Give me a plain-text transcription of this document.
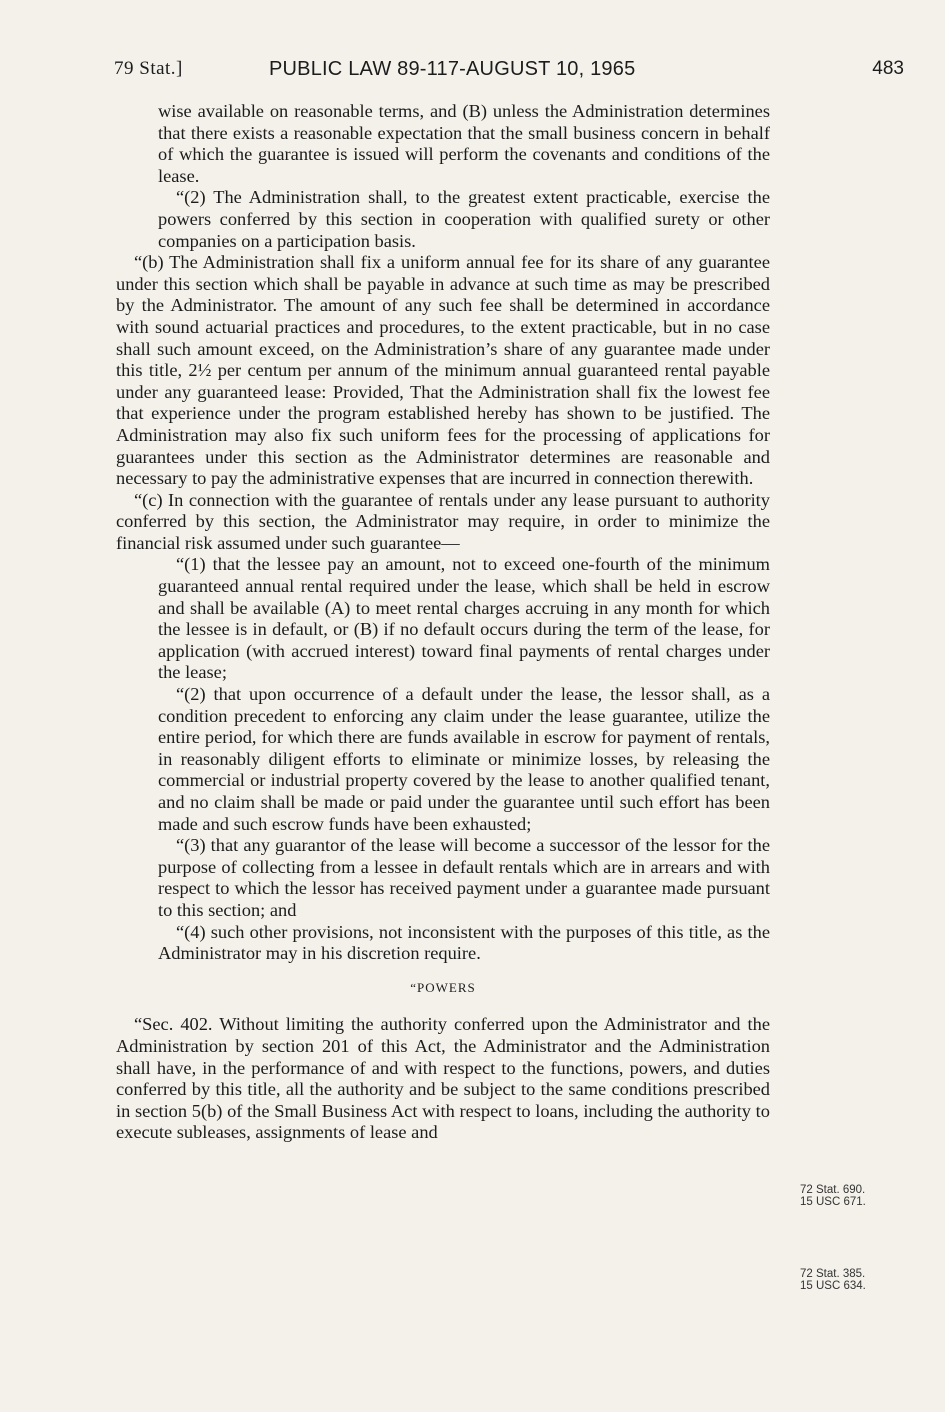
79 Stat.]	PUBLIC LAW 89-117-AUGUST 10, 1965	483

wise available on reasonable terms, and (B) unless the Administration determines that there exists a reasonable expectation that the small business concern in behalf of which the guarantee is issued will perform the covenants and conditions of the lease.

“(2) The Administration shall, to the greatest extent practicable, exercise the powers conferred by this section in cooperation with qualified surety or other companies on a participation basis.

“(b) The Administration shall fix a uniform annual fee for its share of any guarantee under this section which shall be payable in advance at such time as may be prescribed by the Administrator. The amount of any such fee shall be determined in accordance with sound actuarial practices and procedures, to the extent practicable, but in no case shall such amount exceed, on the Administration’s share of any guarantee made under this title, 2½ per centum per annum of the minimum annual guaranteed rental payable under any guaranteed lease: Provided, That the Administration shall fix the lowest fee that experience under the program established hereby has shown to be justified. The Administration may also fix such uniform fees for the processing of applications for guarantees under this section as the Administrator determines are reasonable and necessary to pay the administrative expenses that are incurred in connection therewith.

“(c) In connection with the guarantee of rentals under any lease pursuant to authority conferred by this section, the Administrator may require, in order to minimize the financial risk assumed under such guarantee—

“(1) that the lessee pay an amount, not to exceed one-fourth of the minimum guaranteed annual rental required under the lease, which shall be held in escrow and shall be available (A) to meet rental charges accruing in any month for which the lessee is in default, or (B) if no default occurs during the term of the lease, for application (with accrued interest) toward final payments of rental charges under the lease;

“(2) that upon occurrence of a default under the lease, the lessor shall, as a condition precedent to enforcing any claim under the lease guarantee, utilize the entire period, for which there are funds available in escrow for payment of rentals, in reasonably diligent efforts to eliminate or minimize losses, by releasing the commercial or industrial property covered by the lease to another qualified tenant, and no claim shall be made or paid under the guarantee until such effort has been made and such escrow funds have been exhausted;

“(3) that any guarantor of the lease will become a successor of the lessor for the purpose of collecting from a lessee in default rentals which are in arrears and with respect to which the lessor has received payment under a guarantee made pursuant to this section; and

“(4) such other provisions, not inconsistent with the purposes of this title, as the Administrator may in his discretion require.

“POWERS

“Sec. 402. Without limiting the authority conferred upon the Administrator and the Administration by section 201 of this Act, the Administrator and the Administration shall have, in the performance of and with respect to the functions, powers, and duties conferred by this title, all the authority and be subject to the same conditions prescribed in section 5(b) of the Small Business Act with respect to loans, including the authority to execute subleases, assignments of lease and

72 Stat. 690.
15 USC 671.
72 Stat. 385.
15 USC 634.
